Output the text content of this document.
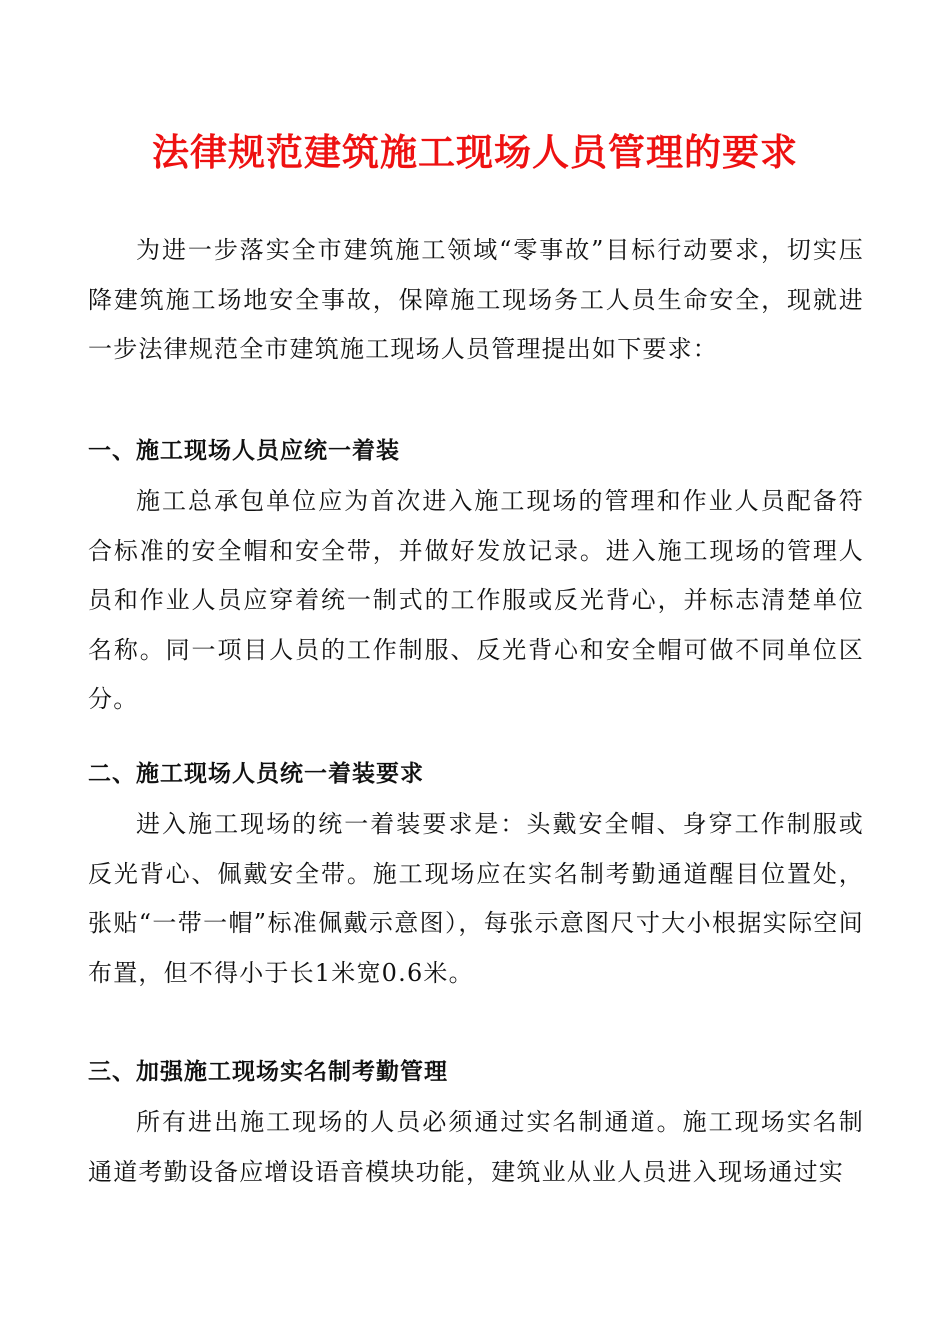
法律规范建筑施工现场人员管理的要求

为进一步落实全市建筑施工领域“零事故”目标行动要求，切实压降建筑施工场地安全事故，保障施工现场务工人员生命安全，现就进一步法律规范全市建筑施工现场人员管理提出如下要求：

一、施工现场人员应统一着装

施工总承包单位应为首次进入施工现场的管理和作业人员配备符合标准的安全帽和安全带，并做好发放记录。进入施工现场的管理人员和作业人员应穿着统一制式的工作服或反光背心，并标志清楚单位名称。同一项目人员的工作制服、反光背心和安全帽可做不同单位区分。

二、施工现场人员统一着装要求

进入施工现场的统一着装要求是：头戴安全帽、身穿工作制服或反光背心、佩戴安全带。施工现场应在实名制考勤通道醒目位置处，张贴“一带一帽”标准佩戴示意图），每张示意图尺寸大小根据实际空间布置，但不得小于长1米宽0.6米。

三、加强施工现场实名制考勤管理

所有进出施工现场的人员必须通过实名制通道。施工现场实名制通道考勤设备应增设语音模块功能，建筑业从业人员进入现场通过实
